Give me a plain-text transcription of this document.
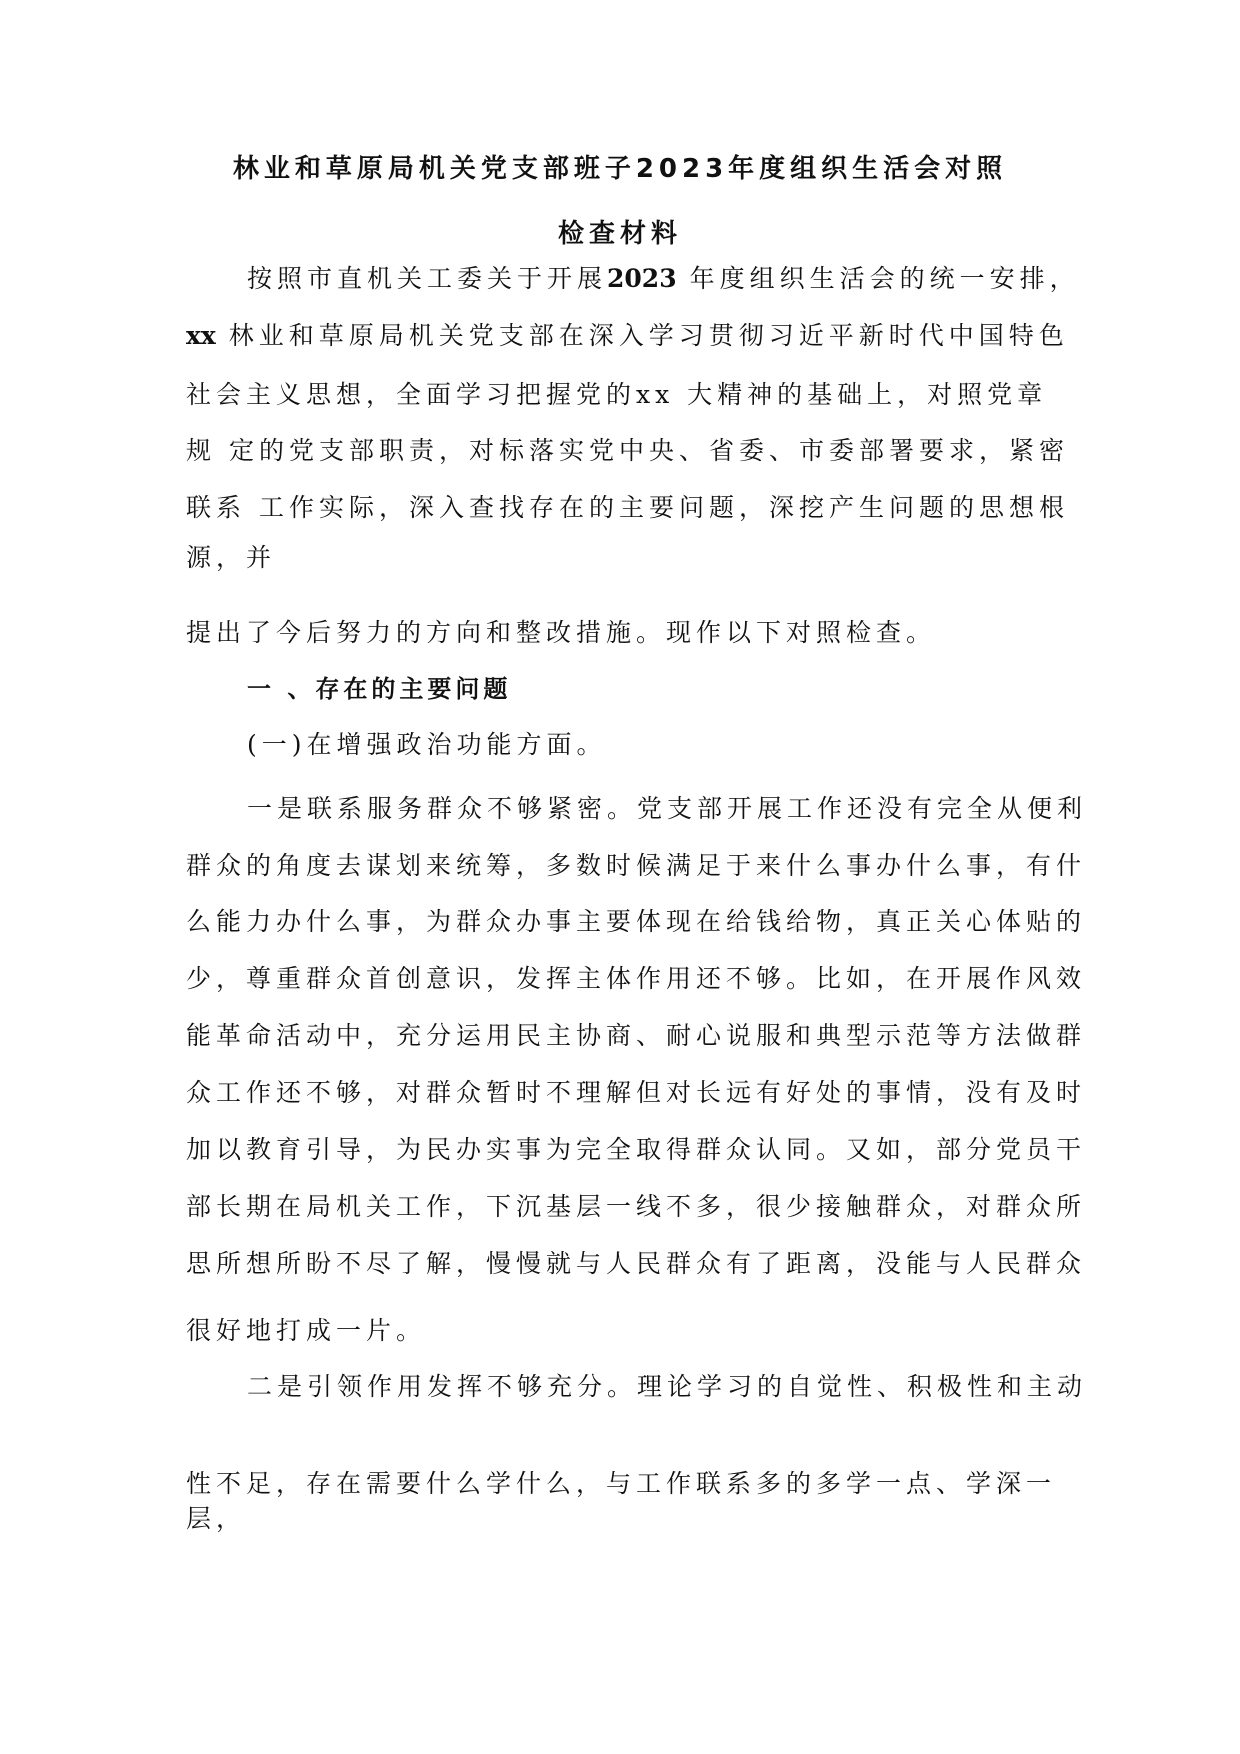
林业和草原局机关党支部班子2023年度组织生活会对照
检查材料
按照市直机关工委关于开展2023 年度组织生活会的统一安排，
xx 林业和草原局机关党支部在深入学习贯彻习近平新时代中国特色
社会主义思想，全面学习把握党的xx 大精神的基础上，对照党章
规 定的党支部职责，对标落实党中央、省委、市委部署要求，紧密
联系 工作实际，深入查找存在的主要问题，深挖产生问题的思想根
源，并
提出了今后努力的方向和整改措施。现作以下对照检查。
一 、存在的主要问题
(一)在增强政治功能方面。
一是联系服务群众不够紧密。党支部开展工作还没有完全从便利
群众的角度去谋划来统筹，多数时候满足于来什么事办什么事，有什
么能力办什么事，为群众办事主要体现在给钱给物，真正关心体贴的
少，尊重群众首创意识，发挥主体作用还不够。比如，在开展作风效
能革命活动中，充分运用民主协商、耐心说服和典型示范等方法做群
众工作还不够，对群众暂时不理解但对长远有好处的事情，没有及时
加以教育引导，为民办实事为完全取得群众认同。又如，部分党员干
部长期在局机关工作，下沉基层一线不多，很少接触群众，对群众所
思所想所盼不尽了解，慢慢就与人民群众有了距离，没能与人民群众
很好地打成一片。
二是引领作用发挥不够充分。理论学习的自觉性、积极性和主动
性不足，存在需要什么学什么，与工作联系多的多学一点、学深一
层，
